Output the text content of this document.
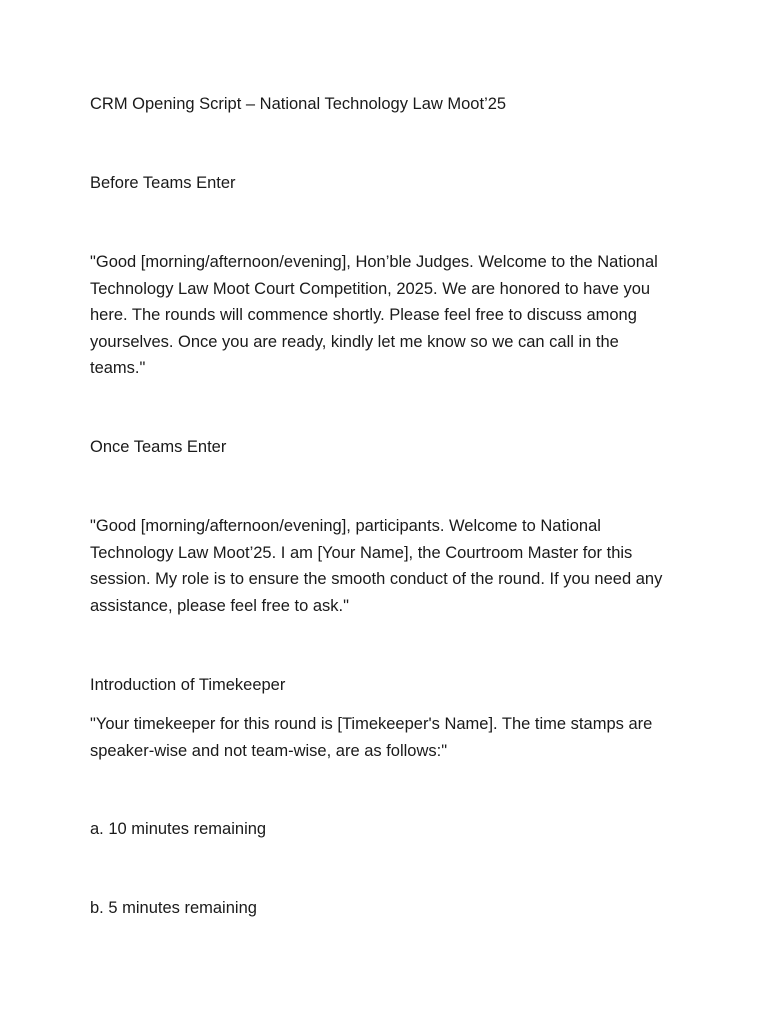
CRM Opening Script – National Technology Law Moot’25

Before Teams Enter

"Good [morning/afternoon/evening], Hon’ble Judges. Welcome to the National
Technology Law Moot Court Competition, 2025. We are honored to have you
here. The rounds will commence shortly. Please feel free to discuss among
yourselves. Once you are ready, kindly let me know so we can call in the
teams."

Once Teams Enter

"Good [morning/afternoon/evening], participants. Welcome to National
Technology Law Moot’25. I am [Your Name], the Courtroom Master for this
session. My role is to ensure the smooth conduct of the round. If you need any
assistance, please feel free to ask."

Introduction of Timekeeper

"Your timekeeper for this round is [Timekeeper's Name]. The time stamps are
speaker-wise and not team-wise, are as follows:"

a. 10 minutes remaining

b. 5 minutes remaining
